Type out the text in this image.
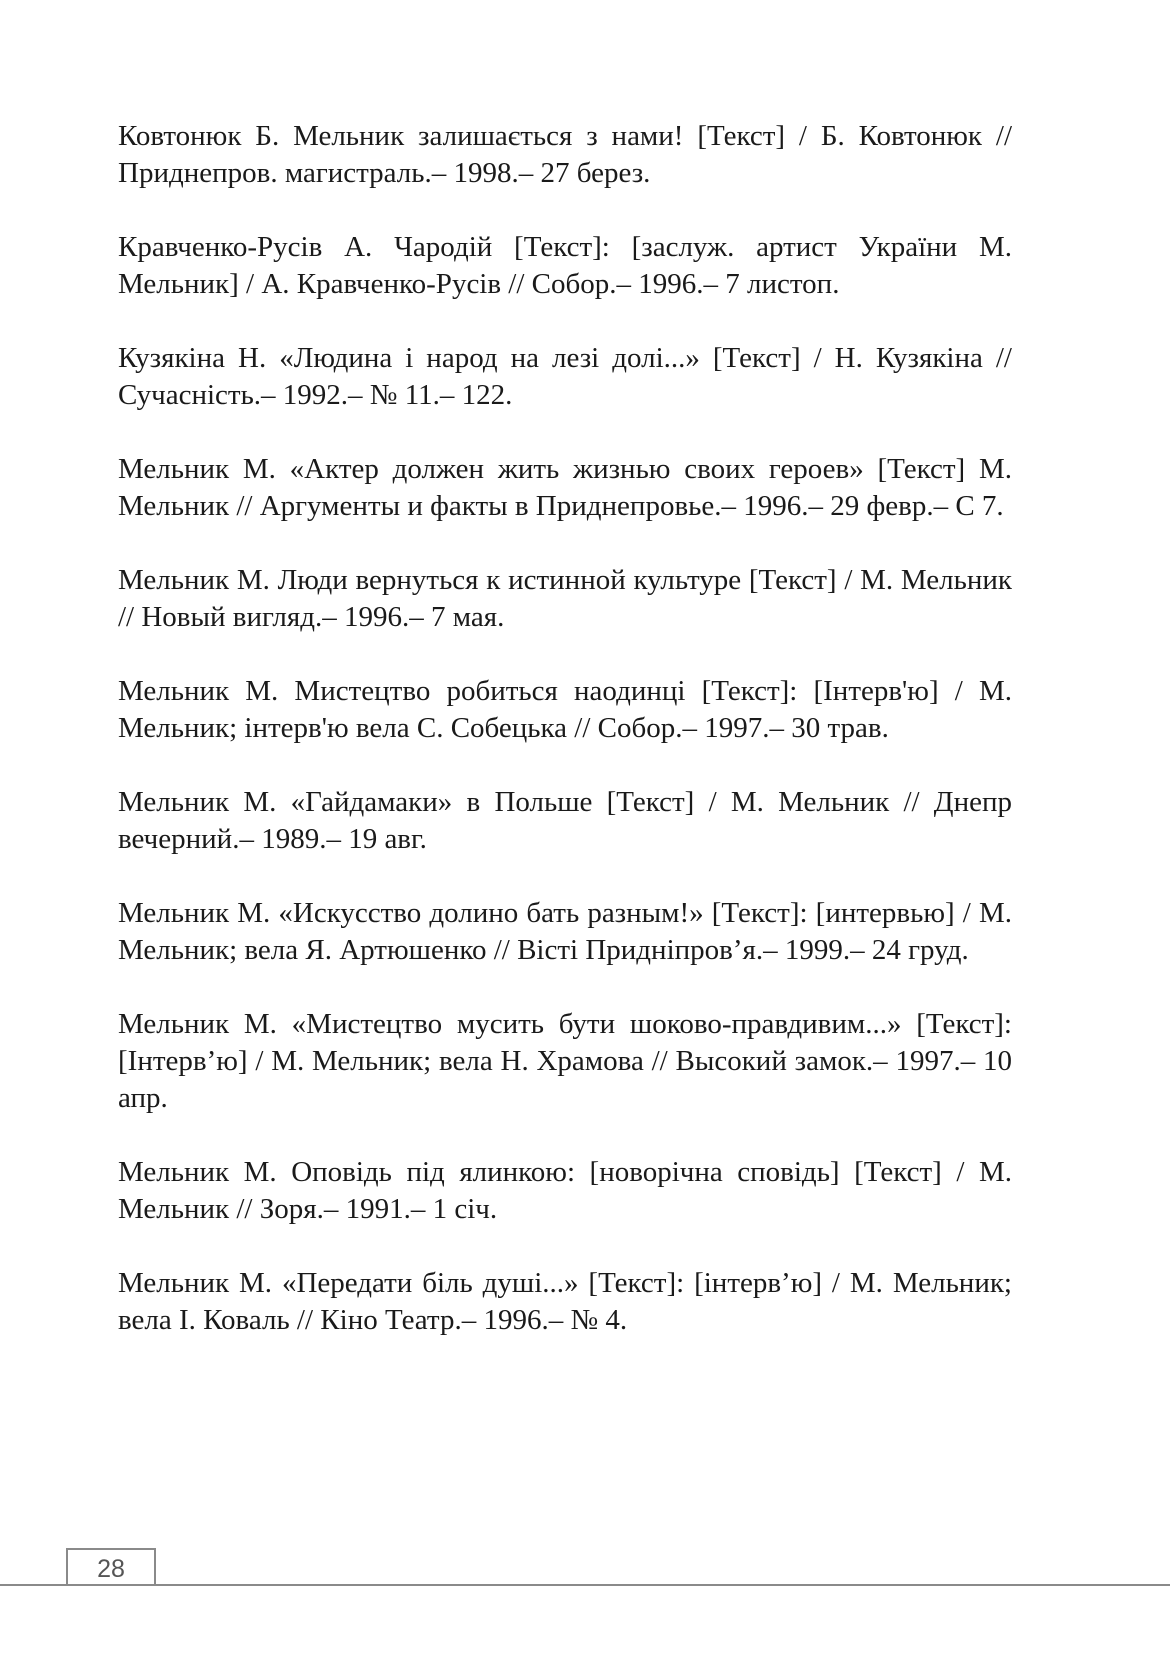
Ковтонюк Б. Мельник залишається з нами! [Текст] / Б. Ковтонюк // Приднепров. магистраль.– 1998.– 27 берез.

Кравченко-Русів А. Чародій [Текст]: [заслуж. артист України М. Мельник] / А. Кравченко-Русів // Собор.– 1996.– 7 листоп.

Кузякіна Н. «Людина і народ на лезі долі...» [Текст] / Н. Кузякіна // Сучасність.– 1992.– № 11.– 122.

Мельник М. «Актер должен жить жизнью своих героев» [Текст] М. Мельник // Аргументы и факты в Приднепровье.– 1996.– 29 февр.– С 7.

Мельник М. Люди вернуться к истинной культуре [Текст] / М. Мельник // Новый вигляд.– 1996.– 7 мая.

Мельник М. Мистецтво робиться наодинці [Текст]: [Інтерв'ю] / М. Мельник; інтерв'ю вела С. Собецька // Собор.– 1997.– 30 трав.

Мельник М. «Гайдамаки» в Польше [Текст] / М. Мельник // Днепр вечерний.– 1989.– 19 авг.

Мельник М. «Искусство долино бать разным!» [Текст]: [интервью] / М. Мельник; вела Я. Артюшенко // Вісті Придніпров’я.– 1999.– 24 груд.

Мельник М. «Мистецтво мусить бути шоково-правдивим...» [Текст]: [Інтерв’ю] / М. Мельник; вела Н. Храмова // Высокий замок.– 1997.– 10 апр.

Мельник М. Оповідь під ялинкою: [новорічна сповідь] [Текст] / М. Мельник // Зоря.– 1991.– 1 січ.

Мельник М. «Передати біль душі...» [Текст]: [інтерв’ю] / М. Мельник; вела І. Коваль // Кіно Театр.– 1996.– № 4.

28
